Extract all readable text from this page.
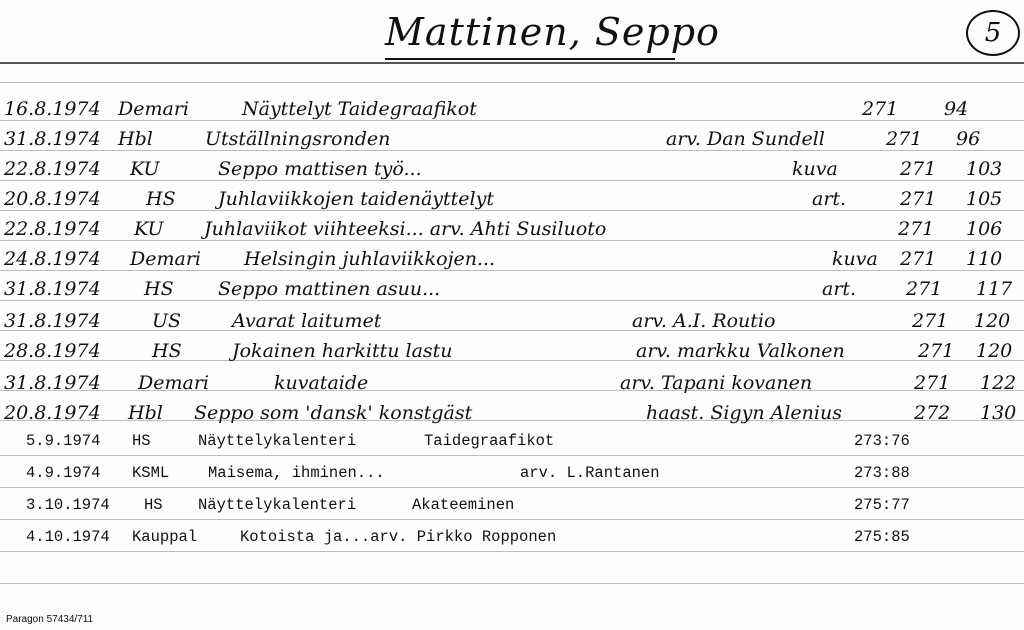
Mattinen, Seppo	5
16.8.1974 Demari	Näyttelyt Taidegraafikot	271 94
31.8.1974 Hbl	Utställningsronden	arv. Dan Sundell	271 96
22.8.1974 KU	Seppo mattisen työ...	kuva	271 103
20.8.1974 HS Juhlaviikkojen taidenäyttelyt	art.	271 105
22.8.1974 KU Juhlaviikot viihteeksi... arv. Ahti Susiluoto	271 106
24.8.1974 Demari Helsingin juhlaviikkojen...	kuva 271 110
31.8.1974 HS Seppo mattinen asuu...	art.	271 117
31.8.1974	US	Avarat laitumet	arv. A.I. Routio	271 120
28.8.1974	HS	Jokainen harkittu lastu	arv. markku Valkonen	271 120
31.8.1974 Demari	kuvataide	arv. Tapani kovanen	271 122
20.8.1974 Hbl Seppo som 'dansk' konstgäst	haast. Sigyn Alenius	272 130
5.9.1974 HS	Näyttelykalenteri	Taidegraafikot	273:76
4.9.1974 KSML	Maisema, ihminen...	arv. L.Rantanen	273:88
3.10.1974 HS Näyttelykalenteri	Akateeminen	275:77
4.10.1974 Kauppal	Kotoista ja...arv. Pirkko Ropponen	275:85
Paragon 57434/711
